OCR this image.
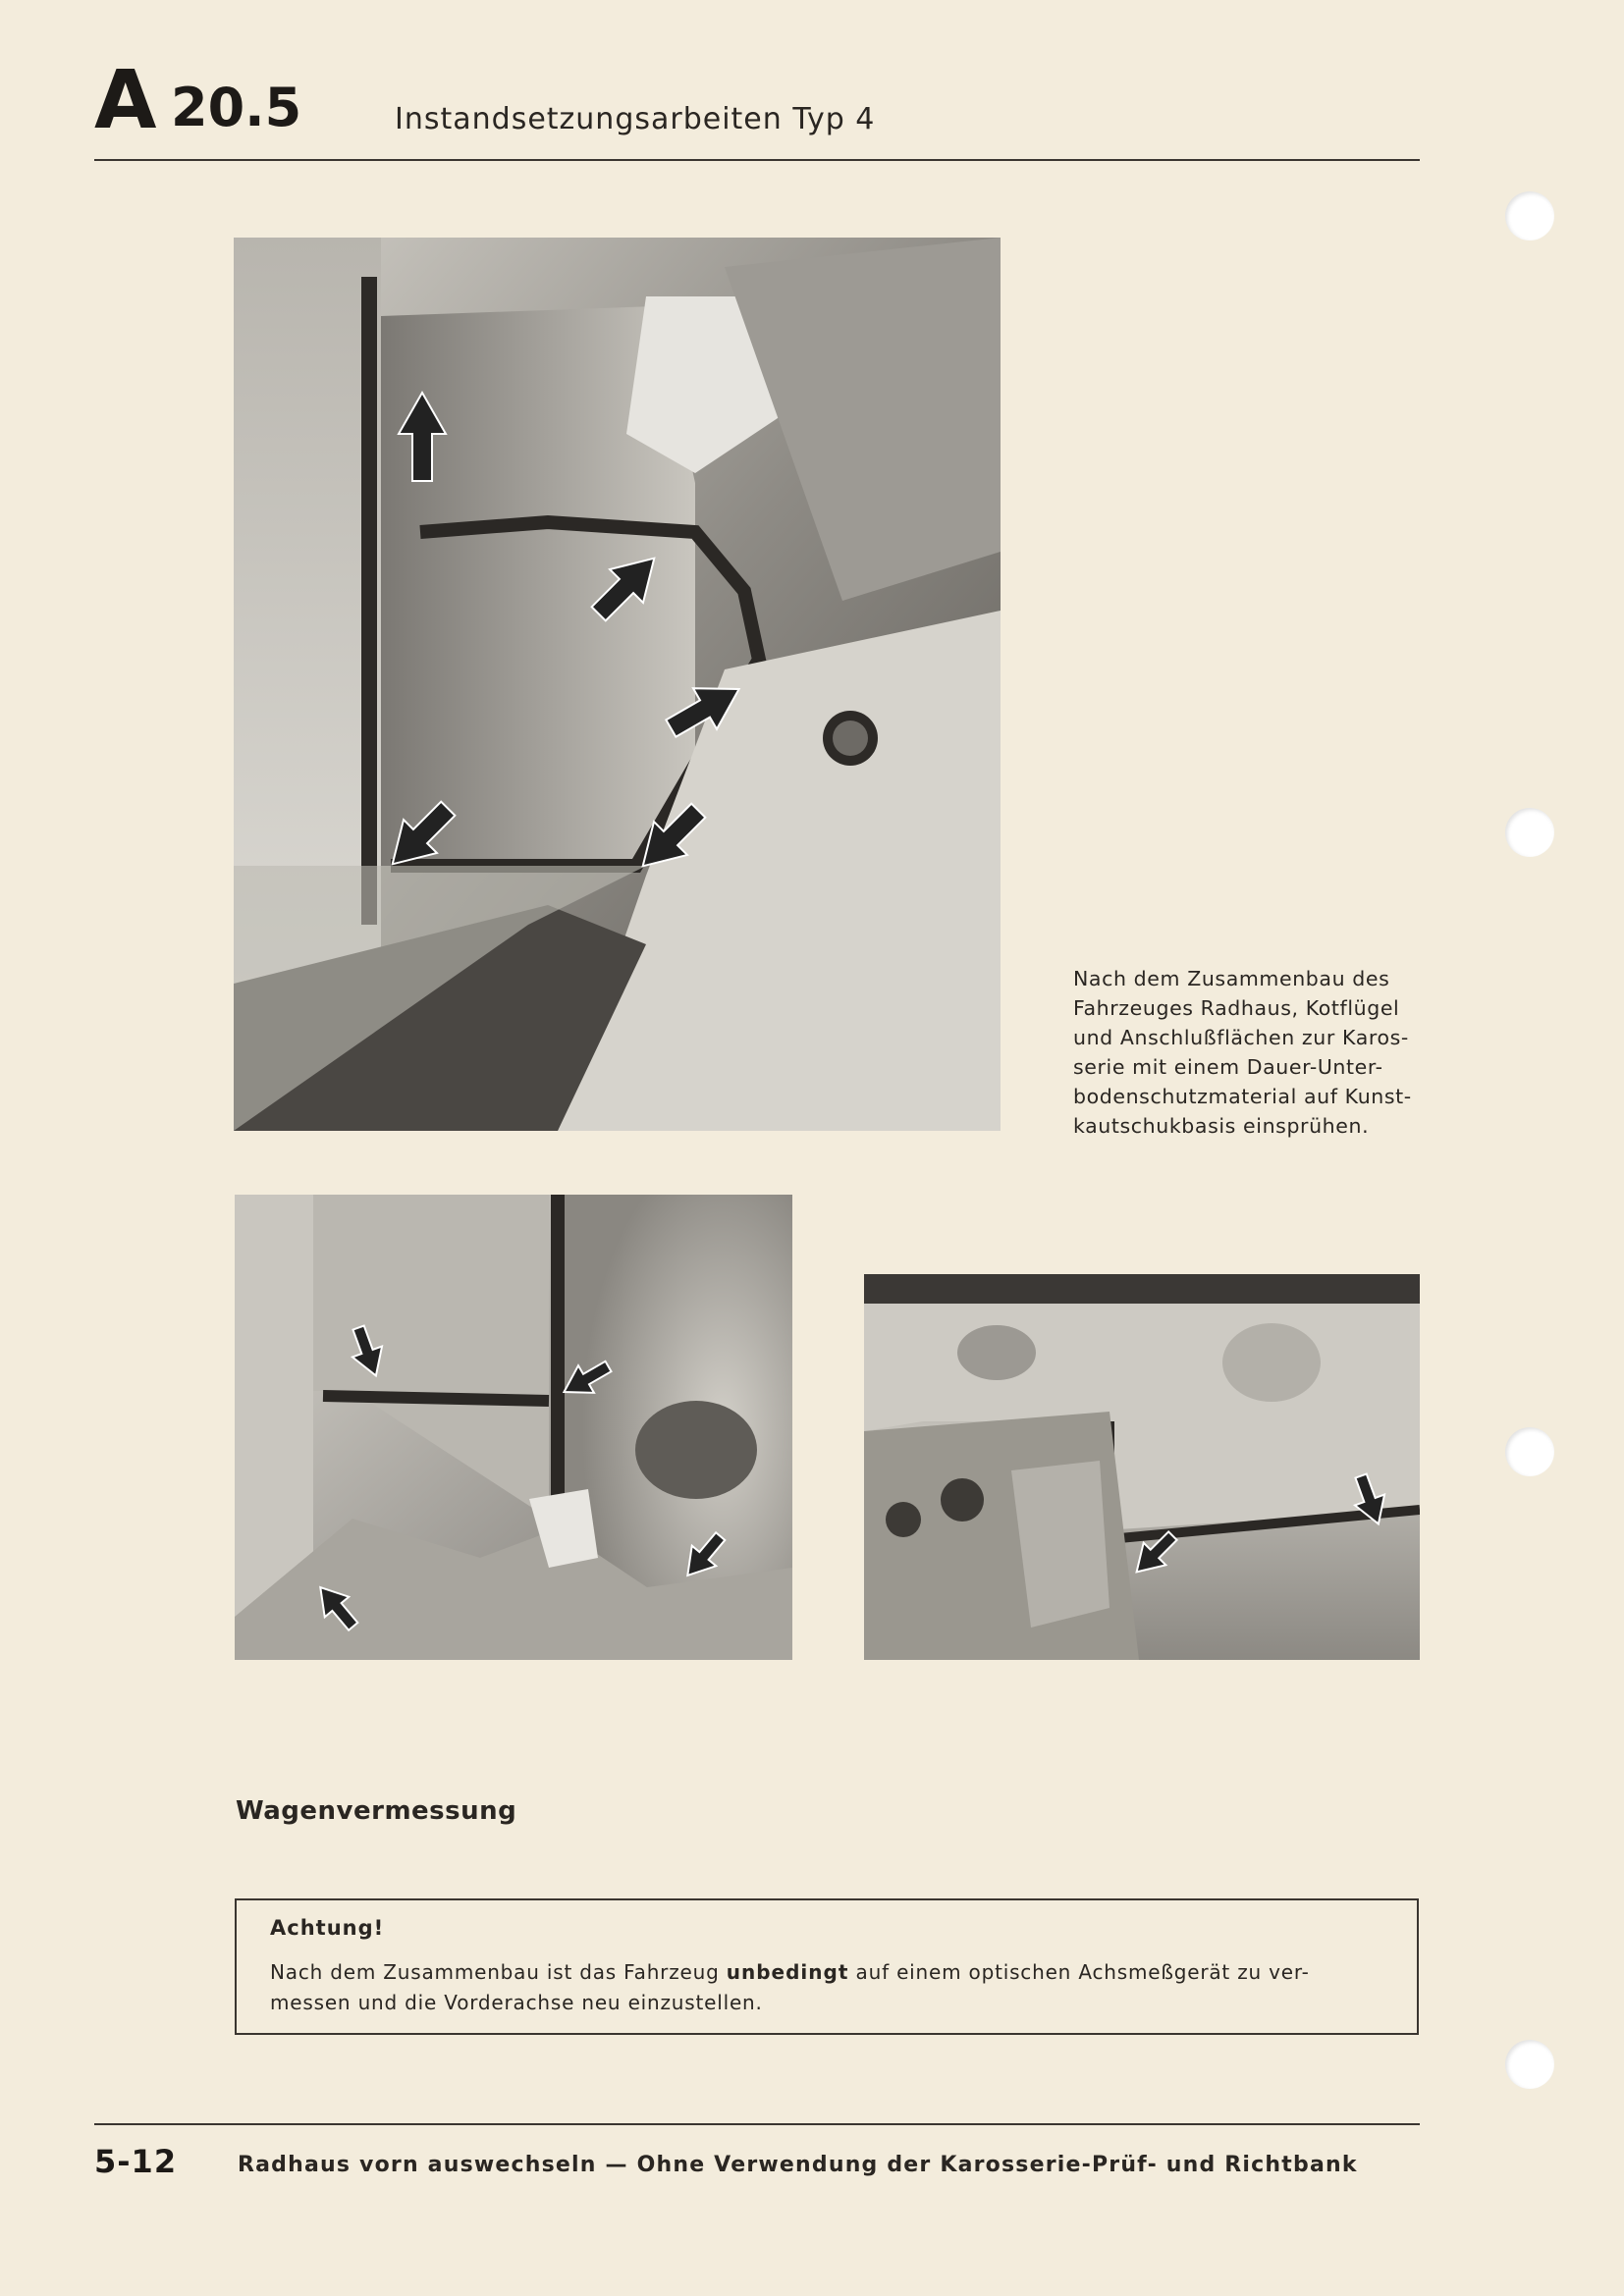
A 20.5	Instandsetzungsarbeiten Typ 4
Nach dem Zusammenbau des
Fahrzeuges Radhaus, Kotflügel
und Anschlußflächen zur Karos-
serie mit einem Dauer-Unter-
bodenschutzmaterial auf Kunst-
kautschukbasis einsprühen.
Wagenvermessung
Achtung!
Nach dem Zusammenbau ist das Fahrzeug unbedingt auf einem optischen Achsmeßgerät zu ver-
messen und die Vorderachse neu einzustellen.
5-12	Radhaus vorn auswechseln — Ohne Verwendung der Karosserie-Prüf- und Richtbank
